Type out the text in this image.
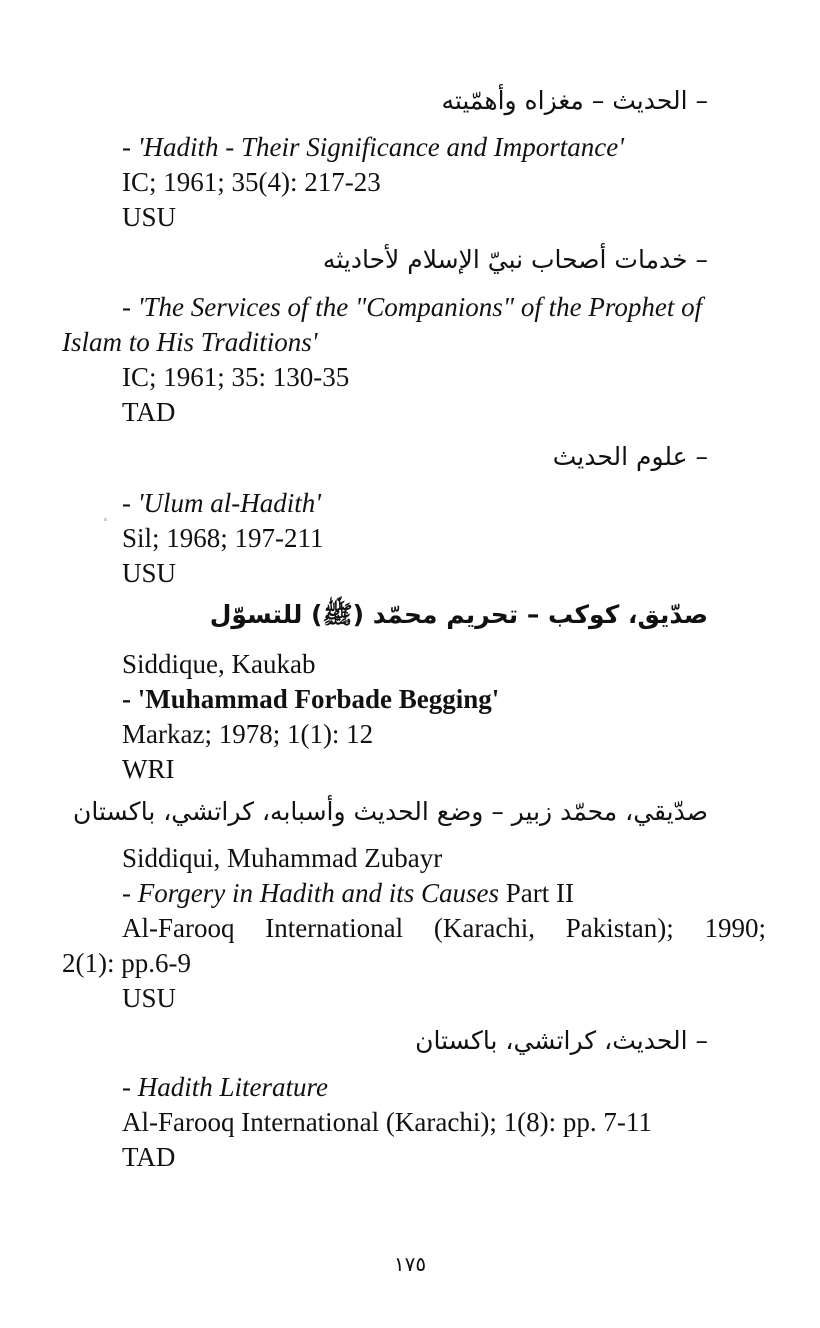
– الحديث – مغزاه وأهمّيته
- 'Hadith - Their Significance and Importance'
IC; 1961; 35(4): 217-23
USU
– خدمات أصحاب نبيّ الإسلام لأحاديثه
- 'The Services of the "Companions" of the Prophet of
Islam to His Traditions'
IC; 1961; 35: 130-35
TAD
– علوم الحديث
- 'Ulum al-Hadith'
Sil; 1968; 197-211
USU
صدّيق، كوكب – تحريم محمّد (ﷺ) للتسوّل
Siddique, Kaukab
- 'Muhammad Forbade Begging'
Markaz; 1978; 1(1): 12
WRI
صدّيقي، محمّد زبير – وضع الحديث وأسبابه، كراتشي، باكستان
Siddiqui, Muhammad Zubayr
- Forgery in Hadith and its Causes Part II
Al-Farooq International (Karachi, Pakistan); 1990;
2(1): pp.6-9
USU
– الحديث، كراتشي، باكستان
- Hadith Literature
Al-Farooq International (Karachi); 1(8): pp. 7-11
TAD
١٧٥
